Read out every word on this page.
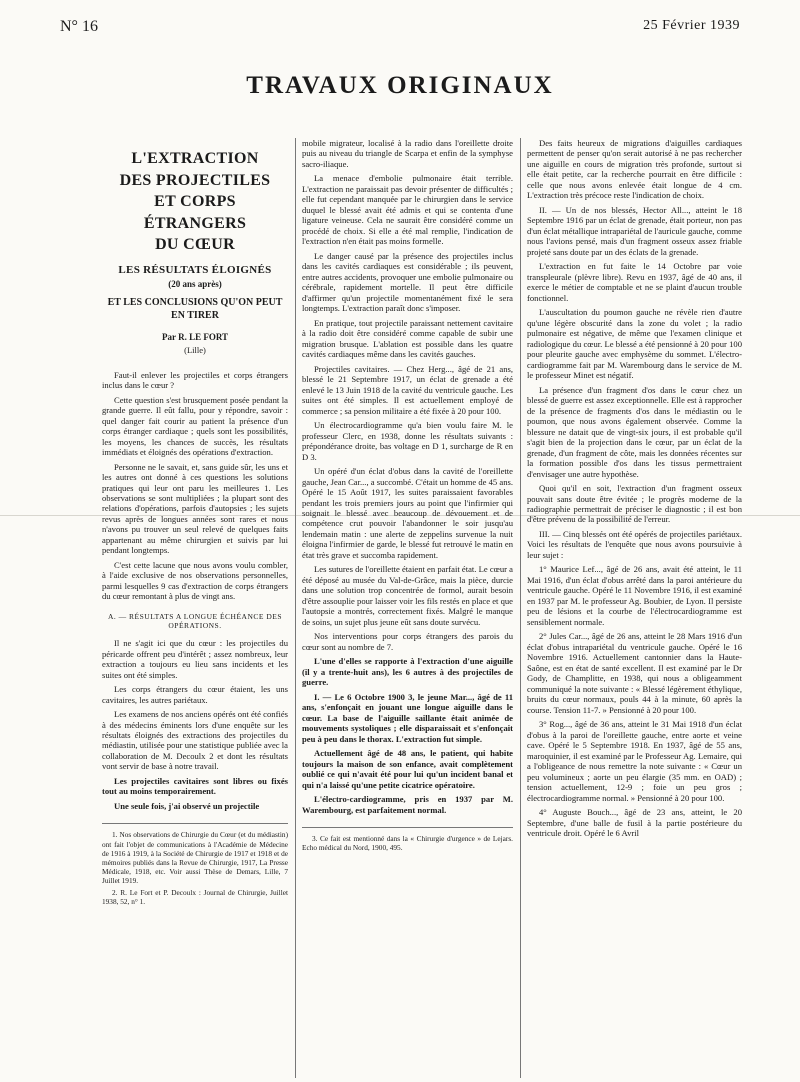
N° 16	25 Février 1939
TRAVAUX ORIGINAUX
L'EXTRACTION
DES PROJECTILES
ET CORPS ÉTRANGERS
DU CŒUR
LES RÉSULTATS ÉLOIGNÉS
(20 ans après)
ET LES CONCLUSIONS QU'ON PEUT EN TIRER
Par R. LE FORT
(Lille)

Faut-il enlever les projectiles et corps étrangers inclus dans le cœur ?

Cette question s'est brusquement posée pendant la grande guerre. Il eût fallu, pour y répondre, savoir : quel danger fait courir au patient la présence d'un corps étranger cardiaque ; quels sont les possibilités, les moyens, les chances de succès, les résultats immédiats et éloignés des opérations d'extraction.

Personne ne le savait, et, sans guide sûr, les uns et les autres ont donné à ces questions les solutions pratiques qui leur ont paru les meilleures 1. Les observations se sont multipliées ; la plupart sont des relations d'opérations, parfois d'autopsies ; les sujets revus après de longues années sont rares et nous n'avons pu trouver un seul relevé de quelques faits appartenant au même chirurgien et suivis par lui pendant longtemps.

C'est cette lacune que nous avons voulu combler, à l'aide exclusive de nos observations personnelles, parmi lesquelles 9 cas d'extraction de corps étrangers du cœur remontant à plus de vingt ans.

A. — RÉSULTATS A LONGUE ÉCHÉANCE DES OPÉRATIONS.

Il ne s'agit ici que du cœur : les projectiles du péricarde offrent peu d'intérêt ; assez nombreux, leur extraction a toujours eu lieu sans incidents et les suites ont été simples.

Les corps étrangers du cœur étaient, les uns cavitaires, les autres pariétaux.

Les examens de nos anciens opérés ont été confiés à des médecins éminents lors d'une enquête sur les résultats éloignés des extractions des projectiles du médiastin, utilisée pour une statistique publiée avec la collaboration de M. Decoulx 2 et dont les résultats vont servir de base à notre travail.

Les projectiles cavitaires sont libres ou fixés tout au moins temporairement.

Une seule fois, j'ai observé un projectile

1. Nos observations de Chirurgie du Cœur (et du médiastin) ont fait l'objet de communications à l'Académie de Médecine de 1916 à 1919, à la Société de Chirurgie de 1917 et 1918 et de mémoires publiés dans la Revue de Chirurgie, 1917, La Presse Médicale, 1918, etc. Voir aussi Thèse de Demars, Lille, 7 Juillet 1919.

2. R. Le Fort et P. Decoulx : Journal de Chirurgie, Juillet 1938, 52, n° 1.

mobile migrateur, localisé à la radio dans l'oreillette droite puis au niveau du triangle de Scarpa et enfin de la symphyse sacro-iliaque.

La menace d'embolie pulmonaire était terrible. L'extraction ne paraissait pas devoir présenter de difficultés ; elle fut cependant manquée par le chirurgien dans le service duquel le blessé avait été admis et qui se contenta d'une ligature veineuse. Cela ne saurait être considéré comme un procédé de choix. Si elle a été mal remplie, l'indication de l'extraction n'en était pas moins formelle.

Le danger causé par la présence des projectiles inclus dans les cavités cardiaques est considérable ; ils peuvent, entre autres accidents, provoquer une embolie pulmonaire ou cérébrale, rapidement mortelle. Il peut être difficile d'affirmer qu'un projectile momentanément fixé le sera longtemps. L'extraction paraît donc s'imposer.

En pratique, tout projectile paraissant nettement cavitaire à la radio doit être considéré comme capable de subir une migration brusque. L'ablation est possible dans les quatre cavités cardiaques même dans les cavités gauches.

Projectiles cavitaires. — Chez Herg..., âgé de 21 ans, blessé le 21 Septembre 1917, un éclat de grenade a été enlevé le 13 Juin 1918 de la cavité du ventricule gauche. Les suites ont été simples. Il est actuellement employé de commerce ; sa pension militaire a été fixée à 20 pour 100.

Un électrocardiogramme qu'a bien voulu faire M. le professeur Clerc, en 1938, donne les résultats suivants : prépondérance droite, bas voltage en D 1, surcharge de R en D 3.

Un opéré d'un éclat d'obus dans la cavité de l'oreillette gauche, Jean Car..., a succombé. C'était un homme de 45 ans. Opéré le 15 Août 1917, les suites paraissaient favorables pendant les trois premiers jours au point que l'infirmier qui soignait le blessé avec beaucoup de dévouement et de compétence crut pouvoir l'abandonner le soir jusqu'au lendemain matin : une alerte de zeppelins survenue la nuit éloigna l'infirmier de garde, le blessé fut retrouvé le matin en état très grave et succomba rapidement.

Les sutures de l'oreillette étaient en parfait état. Le cœur a été déposé au musée du Val-de-Grâce, mais la pièce, durcie dans une solution trop concentrée de formol, aurait besoin d'être assouplie pour laisser voir les fils restés en place et que l'autopsie a montrés, correctement fixés. Malgré le manque de soins, un sujet plus jeune eût sans doute survécu.

Nos interventions pour corps étrangers des parois du cœur sont au nombre de 7.

L'une d'elles se rapporte à l'extraction d'une aiguille (il y a trente-huit ans), les 6 autres à des projectiles de guerre.

I. — Le 6 Octobre 1900 3, le jeune Mar..., âgé de 11 ans, s'enfonçait en jouant une longue aiguille dans le cœur. La base de l'aiguille saillante était animée de mouvements systoliques ; elle disparaissait et s'enfonçait peu à peu dans le thorax. L'extraction fut simple.

Actuellement âgé de 48 ans, le patient, qui habite toujours la maison de son enfance, avait complètement oublié ce qui n'avait été pour lui qu'un incident banal et qui n'a laissé qu'une petite cicatrice opératoire.

L'électro-cardiogramme, pris en 1937 par M. Warembourg, est parfaitement normal.

3. Ce fait est mentionné dans la « Chirurgie d'urgence » de Lejars. Echo médical du Nord, 1900, 495.

Des faits heureux de migrations d'aiguilles cardiaques permettent de penser qu'on serait autorisé à ne pas rechercher une aiguille en cours de migration très profonde, surtout si elle était petite, car la recherche pourrait en être difficile : celle que nous avons enlevée était longue de 4 cm. L'extraction très précoce reste l'indication de choix.

II. — Un de nos blessés, Hector All..., atteint le 18 Septembre 1916 par un éclat de grenade, était porteur, non pas d'un éclat métallique intrapariétal de l'auricule gauche, comme nous l'avions pensé, mais d'un fragment osseux assez friable projeté sans doute par un des éclats de la grenade.

L'extraction en fut faite le 14 Octobre par voie transpleurale (plèvre libre). Revu en 1937, âgé de 40 ans, il exerce le métier de comptable et ne se plaint d'aucun trouble fonctionnel.

L'auscultation du poumon gauche ne révèle rien d'autre qu'une légère obscurité dans la zone du volet ; la radio pulmonaire est négative, de même que l'examen clinique et radiologique du cœur. Le blessé a été pensionné à 20 pour 100 pour pleurite gauche avec emphysème du sommet. L'électro-cardiogramme fait par M. Warembourg dans le service de M. le professeur Minet est négatif.

La présence d'un fragment d'os dans le cœur chez un blessé de guerre est assez exceptionnelle. Elle est à rapprocher de la présence de fragments d'os dans le médiastin ou le poumon, que nous avons également observée. Comme la blessure ne datait que de vingt-six jours, il est probable qu'il s'agit bien de la projection dans le cœur, par un éclat de la grenade, d'un fragment de côte, mais les données récentes sur la formation possible d'os dans les tissus permettraient d'envisager une autre hypothèse.

Quoi qu'il en soit, l'extraction d'un fragment osseux pouvait sans doute être évitée ; le progrès moderne de la radiographie permettrait de préciser le diagnostic ; il est bon d'être prévenu de la possibilité de l'erreur.

III. — Cinq blessés ont été opérés de projectiles pariétaux. Voici les résultats de l'enquête que nous avons poursuivie à leur sujet :

1° Maurice Lef..., âgé de 26 ans, avait été atteint, le 11 Mai 1916, d'un éclat d'obus arrêté dans la paroi antérieure du ventricule gauche. Opéré le 11 Novembre 1916, il est examiné en 1937 par M. le professeur Ag. Boubier, de Lyon. Il persiste peu de lésions et la courbe de l'électrocardiogramme est sensiblement normale.

2° Jules Car..., âgé de 26 ans, atteint le 28 Mars 1916 d'un éclat d'obus intrapariétal du ventricule gauche. Opéré le 16 Novembre 1916. Actuellement cantonnier dans la Haute-Saône, est en état de santé excellent. Il est examiné par le Dr Gody, de Champlitte, en 1938, qui nous a obligeamment communiqué la note suivante : « Blessé légèrement éthylique, bruits du cœur normaux, pouls 44 à la minute, 60 après la course. Tension 11-7. » Pensionné à 20 pour 100.

3° Rog..., âgé de 36 ans, atteint le 31 Mai 1918 d'un éclat d'obus à la paroi de l'oreillette gauche, entre aorte et veine cave. Opéré le 5 Septembre 1918. En 1937, âgé de 55 ans, maroquinier, il est examiné par le Professeur Ag. Lemaire, qui a l'obligeance de nous remettre la note suivante : « Cœur un peu volumineux ; aorte un peu élargie (35 mm. en OAD) ; tension actuellement, 12-9 ; foie un peu gros ; électrocardiogramme normal. » Pensionné à 20 pour 100.

4° Auguste Bouch..., âgé de 23 ans, atteint, le 20 Septembre, d'une balle de fusil à la partie postérieure du ventricule droit. Opéré le 6 Avril
